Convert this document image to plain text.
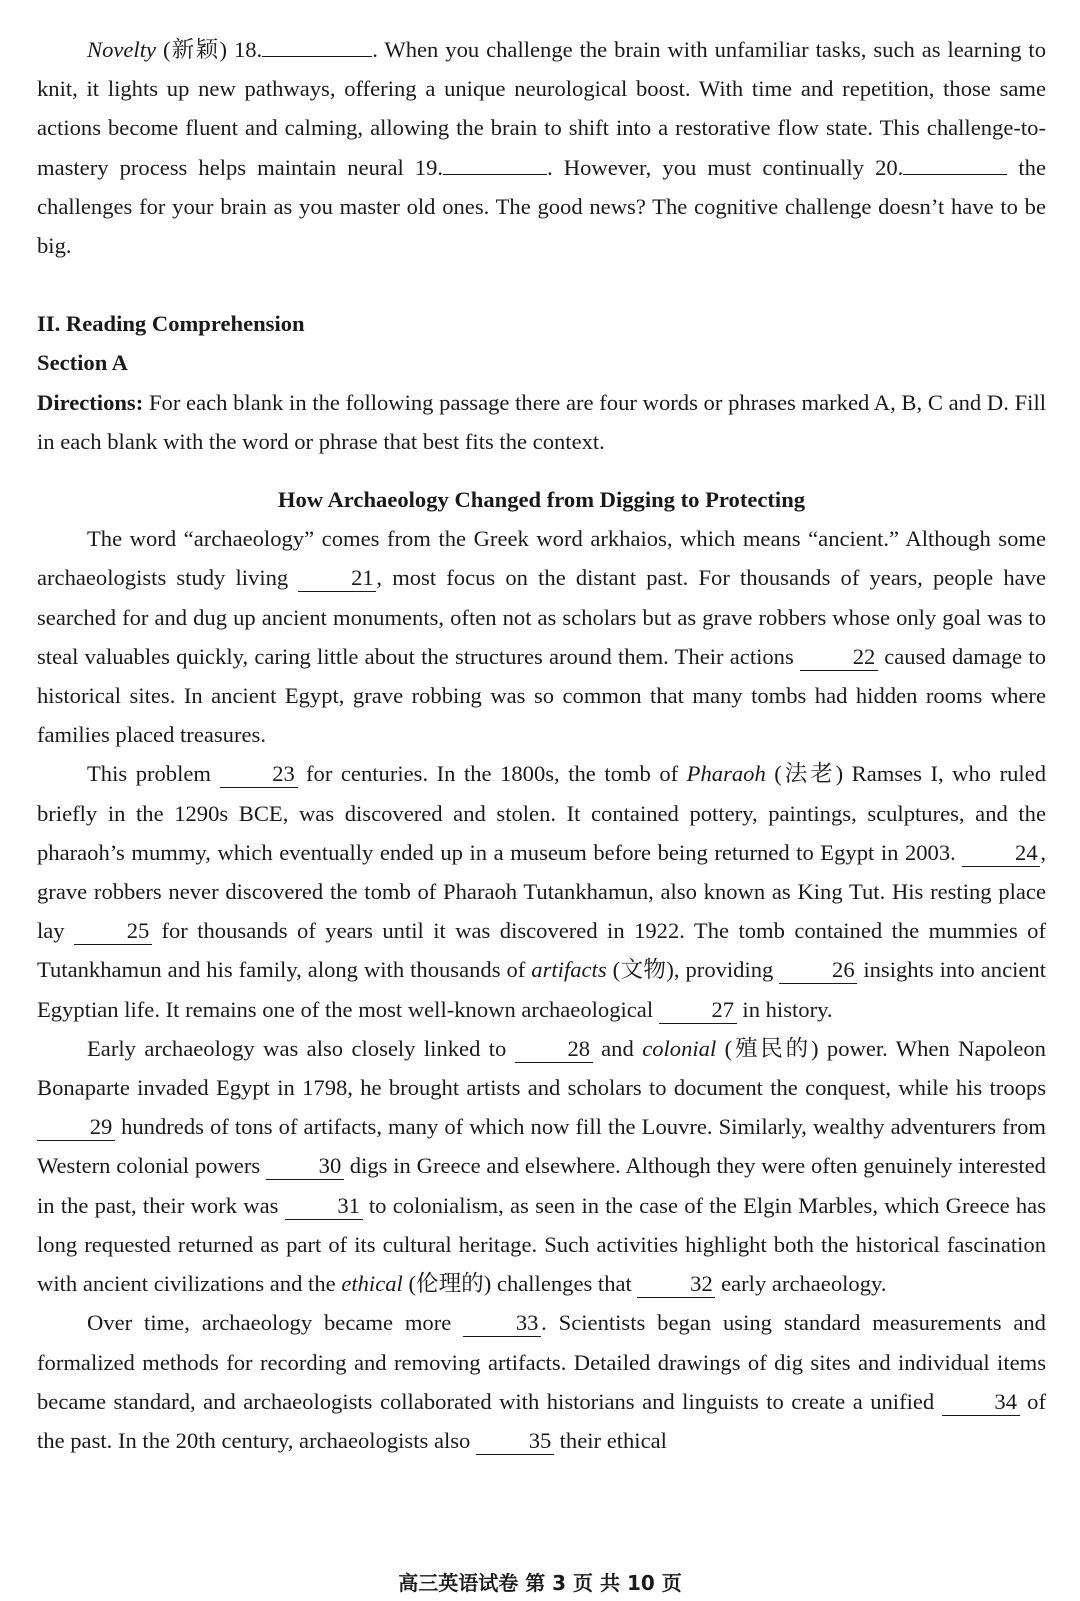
Novelty (新颖) 18.	. When you challenge the brain with unfamiliar tasks, such as learning to knit, it lights up new pathways, offering a unique neurological boost. With time and repetition, those same actions become fluent and calming, allowing the brain to shift into a restorative flow state. This challenge-to-mastery process helps maintain neural 19.	. However, you must continually 20.	the challenges for your brain as you master old ones. The good news? The cognitive challenge doesn’t have to be big.

II. Reading Comprehension

Section A

Directions: For each blank in the following passage there are four words or phrases marked A, B, C and D. Fill in each blank with the word or phrase that best fits the context.

How Archaeology Changed from Digging to Protecting

The word “archaeology” comes from the Greek word arkhaios, which means “ancient.” Although some archaeologists study living 21 , most focus on the distant past. For thousands of years, people have searched for and dug up ancient monuments, often not as scholars but as grave robbers whose only goal was to steal valuables quickly, caring little about the structures around them. Their actions 22 caused damage to historical sites. In ancient Egypt, grave robbing was so common that many tombs had hidden rooms where families placed treasures.

This problem 23 for centuries. In the 1800s, the tomb of Pharaoh (法老) Ramses I, who ruled briefly in the 1290s BCE, was discovered and stolen. It contained pottery, paintings, sculptures, and the pharaoh’s mummy, which eventually ended up in a museum before being returned to Egypt in 2003. 24 , grave robbers never discovered the tomb of Pharaoh Tutankhamun, also known as King Tut. His resting place lay 25 for thousands of years until it was discovered in 1922. The tomb contained the mummies of Tutankhamun and his family, along with thousands of artifacts (文物), providing 26 insights into ancient Egyptian life. It remains one of the most well-known archaeological 27 in history.

Early archaeology was also closely linked to 28 and colonial (殖民的) power. When Napoleon Bonaparte invaded Egypt in 1798, he brought artists and scholars to document the conquest, while his troops 29 hundreds of tons of artifacts, many of which now fill the Louvre. Similarly, wealthy adventurers from Western colonial powers 30 digs in Greece and elsewhere. Although they were often genuinely interested in the past, their work was 31 to colonialism, as seen in the case of the Elgin Marbles, which Greece has long requested returned as part of its cultural heritage. Such activities highlight both the historical fascination with ancient civilizations and the ethical (伦理的) challenges that 32 early archaeology.

Over time, archaeology became more 33 . Scientists began using standard measurements and formalized methods for recording and removing artifacts. Detailed drawings of dig sites and individual items became standard, and archaeologists collaborated with historians and linguists to create a unified 34 of the past. In the 20th century, archaeologists also 35 their ethical

高三英语试卷 第 3 页 共 10 页
